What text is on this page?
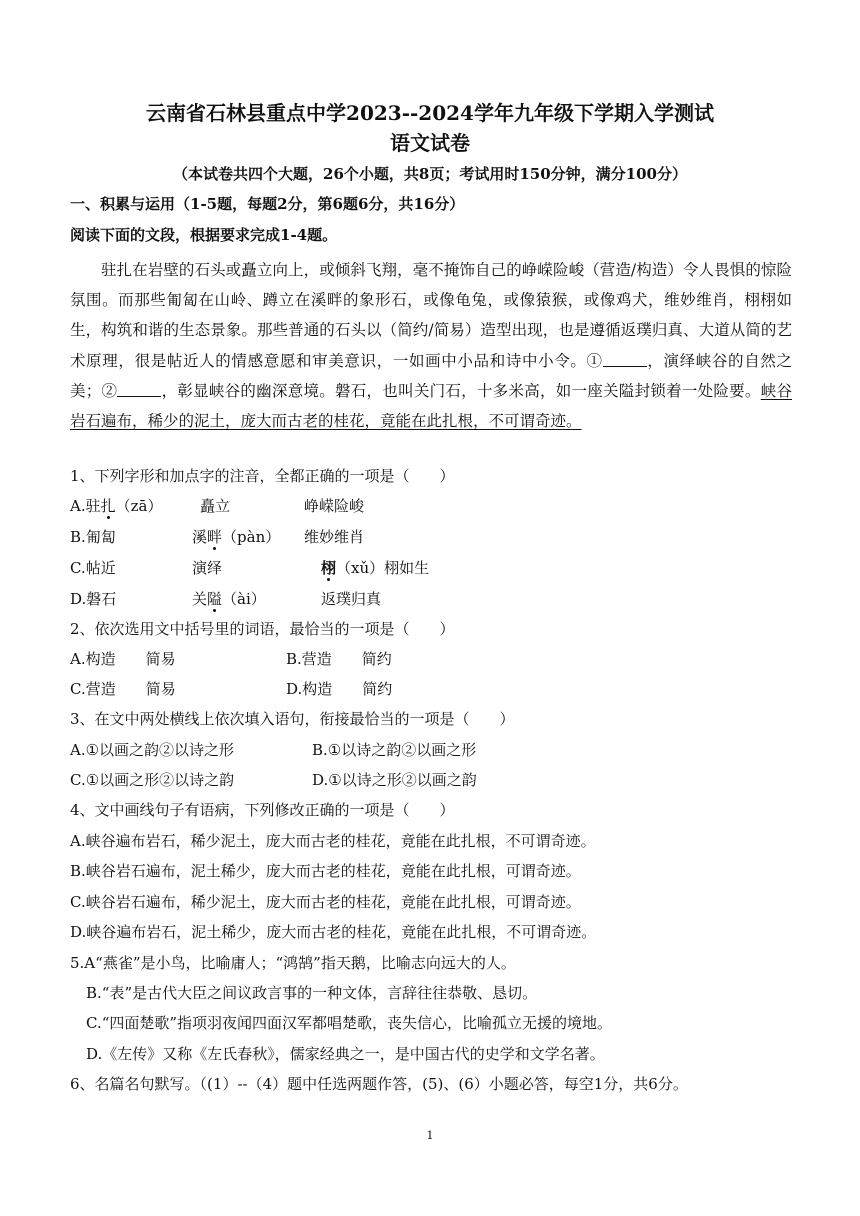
云南省石林县重点中学2023--2024学年九年级下学期入学测试
语文试卷
（本试卷共四个大题，26个小题，共8页；考试用时150分钟，满分100分）
一、积累与运用（1-5题，每题2分，第6题6分，共16分）
阅读下面的文段，根据要求完成1-4题。
驻扎在岩壁的石头或矗立向上，或倾斜飞翔，毫不掩饰自己的峥嵘险峻（营造/构造）令人畏惧的惊险氛围。而那些匍匐在山岭、蹲立在溪畔的象形石，或像龟兔，或像猿猴，或像鸡犬，维妙维肖，栩栩如生，构筑和谐的生态景象。那些普通的石头以（简约/简易）造型出现，也是遵循返璞归真、大道从简的艺术原理，很是帖近人的情感意愿和审美意识，一如画中小品和诗中小令。①	，演绎峡谷的自然之美；②	，彰显峡谷的幽深意境。磐石，也叫关门石，十多米高，如一座关隘封锁着一处险要。峡谷岩石遍布，稀少的泥土，庞大而古老的桂花，竟能在此扎根，不可谓奇迹。
1、下列字形和加点字的注音，全都正确的一项是（　　）
A.驻扎（zā）	矗立	峥嵘险峻
B.匍匐	溪畔（pàn） 维妙维肖
C.帖近	演绎	栩（xǔ）栩如生
D.磐石	关隘（ài）	返璞归真
2、依次选用文中括号里的词语，最恰当的一项是（　　）
A.构造　　简易	B.营造　　简约
C.营造　　简易	D.构造　　简约
3、在文中两处横线上依次填入语句，衔接最恰当的一项是（　　）
A.①以画之韵②以诗之形	B.①以诗之韵②以画之形
C.①以画之形②以诗之韵	D.①以诗之形②以画之韵
4、文中画线句子有语病，下列修改正确的一项是（　　）
A.峡谷遍布岩石，稀少泥土，庞大而古老的桂花，竟能在此扎根，不可谓奇迹。
B.峡谷岩石遍布，泥土稀少，庞大而古老的桂花，竟能在此扎根，可谓奇迹。
C.峡谷岩石遍布，稀少泥土，庞大而古老的桂花，竟能在此扎根，可谓奇迹。
D.峡谷遍布岩石，泥土稀少，庞大而古老的桂花，竟能在此扎根，不可谓奇迹。
5.A“燕雀”是小鸟，比喻庸人；“鸿鹄”指天鹅，比喻志向远大的人。
B.“表”是古代大臣之间议政言事的一种文体，言辞往往恭敬、恳切。
C.“四面楚歌”指项羽夜闻四面汉军都唱楚歌，丧失信心，比喻孤立无援的境地。
D.《左传》又称《左氏春秋》，儒家经典之一，是中国古代的史学和文学名著。
6、名篇名句默写。（(1）--（4）题中任选两题作答，(5)、(6）小题必答，每空1分，共6分。
1
